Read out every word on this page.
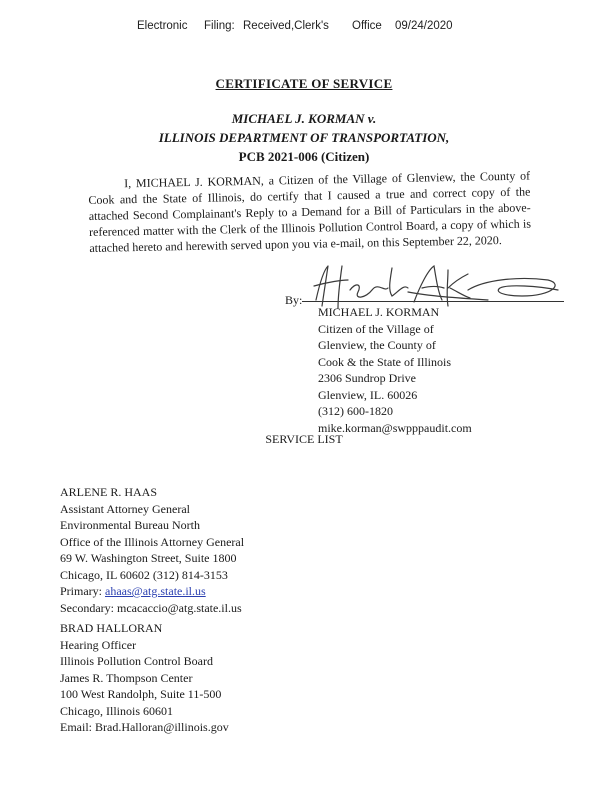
Electronic Filing: Received,Clerk's Office 09/24/2020
CERTIFICATE OF SERVICE
MICHAEL J. KORMAN v.
ILLINOIS DEPARTMENT OF TRANSPORTATION,
PCB 2021-006 (Citizen)
I, MICHAEL J. KORMAN, a Citizen of the Village of Glenview, the County of Cook and the State of Illinois, do certify that I caused a true and correct copy of the attached Second Complainant's Reply to a Demand for a Bill of Particulars in the above-referenced matter with the Clerk of the Illinois Pollution Control Board, a copy of which is attached hereto and herewith served upon you via e-mail, on this September 22, 2020.
By:
MICHAEL J. KORMAN
Citizen of the Village of
Glenview, the County of
Cook & the State of Illinois
2306 Sundrop Drive
Glenview, IL. 60026
(312) 600-1820
mike.korman@swpppaudit.com
SERVICE LIST
ARLENE R. HAAS
Assistant Attorney General
Environmental Bureau North
Office of the Illinois Attorney General
69 W. Washington Street, Suite 1800
Chicago, IL 60602 (312) 814-3153
Primary: ahaas@atg.state.il.us
Secondary: mcacaccio@atg.state.il.us
BRAD HALLORAN
Hearing Officer
Illinois Pollution Control Board
James R. Thompson Center
100 West Randolph, Suite 11-500
Chicago, Illinois 60601
Email: Brad.Halloran@illinois.gov
